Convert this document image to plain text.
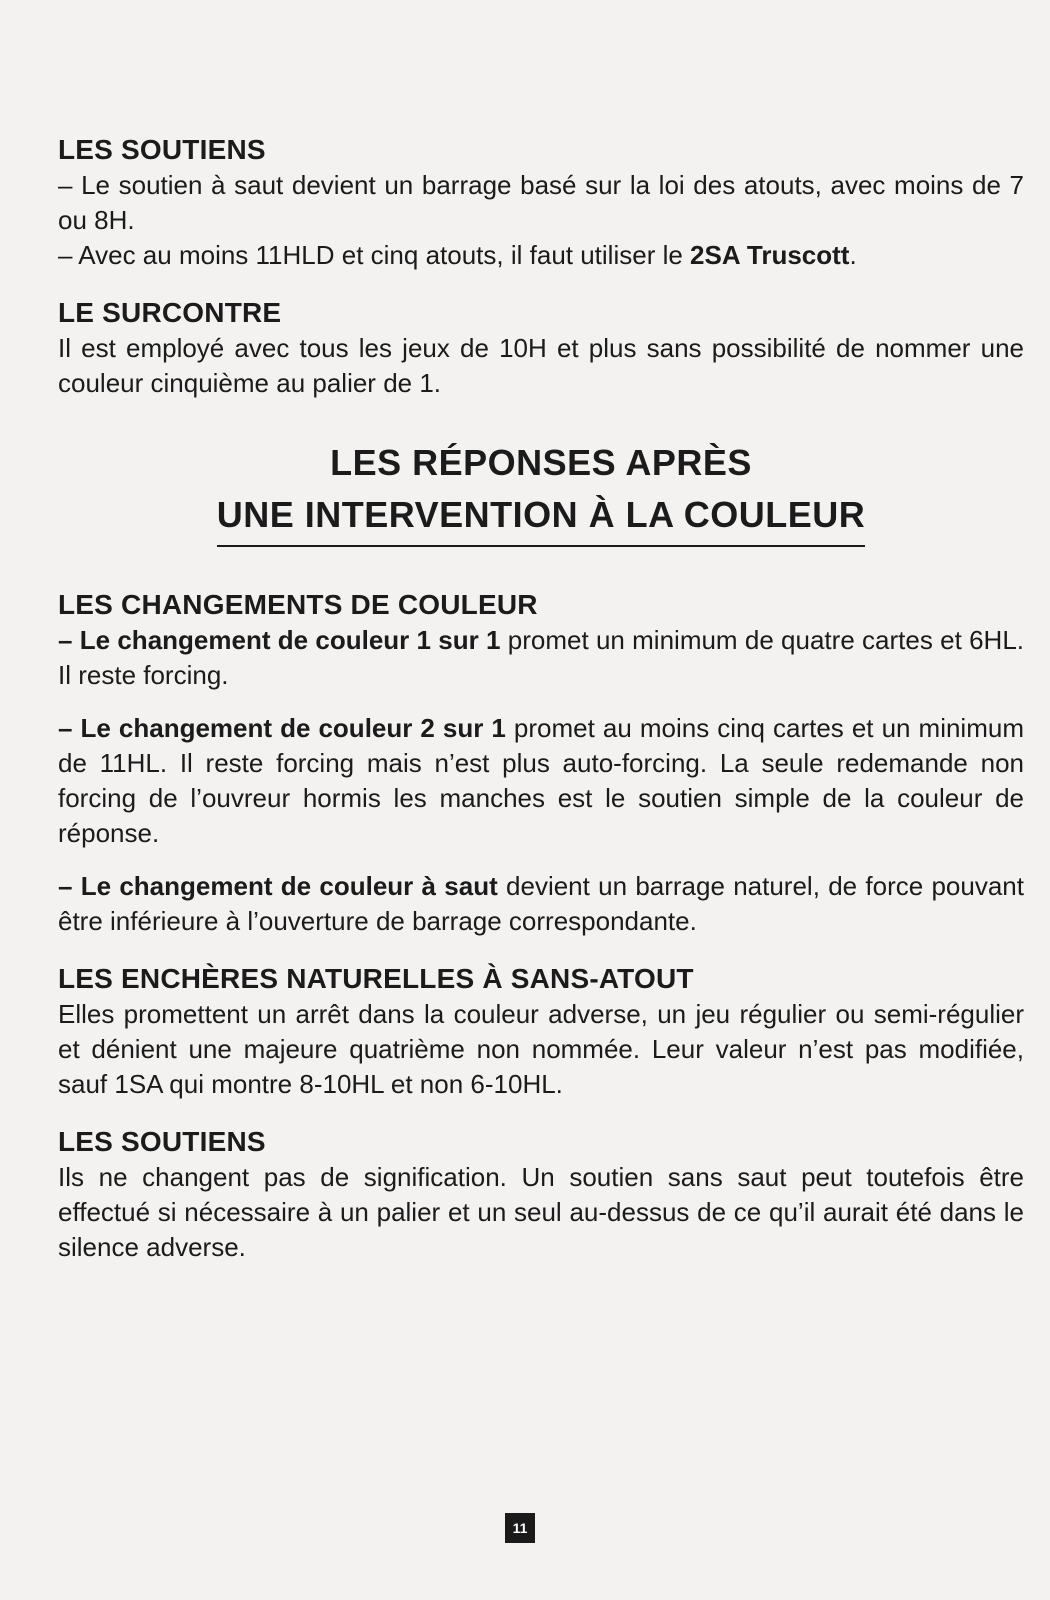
LES SOUTIENS

– Le soutien à saut devient un barrage basé sur la loi des atouts, avec moins de 7 ou 8H.

– Avec au moins 11HLD et cinq atouts, il faut utiliser le 2SA Truscott.

LE SURCONTRE

Il est employé avec tous les jeux de 10H et plus sans possibilité de nommer une couleur cinquième au palier de 1.

LES RÉPONSES APRÈS
UNE INTERVENTION À LA COULEUR
LES CHANGEMENTS DE COULEUR

– Le changement de couleur 1 sur 1 promet un minimum de quatre cartes et 6HL. Il reste forcing.

– Le changement de couleur 2 sur 1 promet au moins cinq cartes et un minimum de 11HL. Il reste forcing mais n’est plus auto-forcing. La seule redemande non forcing de l’ouvreur hormis les manches est le soutien simple de la couleur de réponse.

– Le changement de couleur à saut devient un barrage naturel, de force pouvant être inférieure à l’ouverture de barrage correspondante.

LES ENCHÈRES NATURELLES À SANS-ATOUT

Elles promettent un arrêt dans la couleur adverse, un jeu régulier ou semi-régulier et dénient une majeure quatrième non nommée. Leur valeur n’est pas modifiée, sauf 1SA qui montre 8-10HL et non 6-10HL.

LES SOUTIENS

Ils ne changent pas de signification. Un soutien sans saut peut toutefois être effectué si nécessaire à un palier et un seul au-dessus de ce qu’il aurait été dans le silence adverse.

11
